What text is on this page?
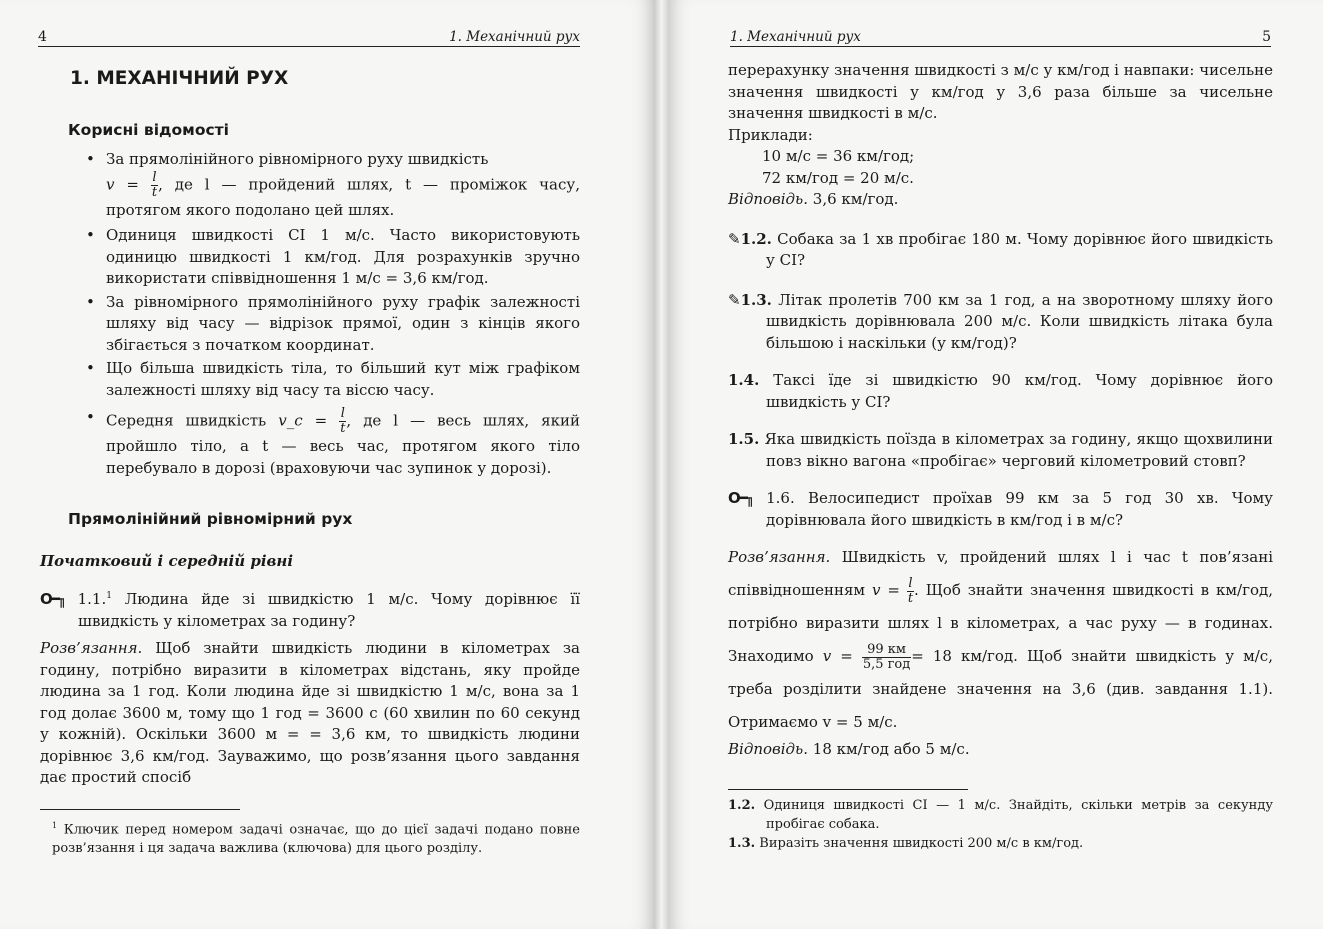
4	1. Механічний рух
1. МЕХАНІЧНИЙ РУХ
Корисні відомості
• За прямолінійного рівномірного руху швидкість
$v = \frac{l}{t}$ , де l — пройдений шлях, t — проміжок часу, протягом якого подолано цей шлях.
• Одиниця швидкості СІ 1 м/с. Часто використовують одиницю швидкості 1 км/год. Для розрахунків зручно використати співвідношення 1 м/с = 3,6 км/год.
• За рівномірного прямолінійного руху графік залежності шляху від часу — відрізок прямої, один з кінців якого збігається з початком координат.
• Що більша швидкість тіла, то більший кут між графіком залежності шляху від часу та віссю часу.
• Середня швидкість v_c = $\frac{l}{t}$ , де l — весь шлях, який пройшло тіло, а t — весь час, протягом якого тіло перебувало в дорозі (враховуючи час зупинок у дорозі).
Прямолінійний рівномірний рух

Початковий і середній рівні

О━╖ 1.1.$^1$ Людина йде зі швидкістю 1 м/с. Чому дорівнює її швидкість у кілометрах за годину?

Розв’язання. Щоб знайти швидкість людини в кілометрах за годину, потрібно виразити в кілометрах відстань, яку пройде людина за 1 год. Коли людина йде зі швидкістю 1 м/с, вона за 1 год долає 3600 м, тому що 1 год = 3600 с (60 хвилин по 60 секунд у кожній). Оскільки 3600 м = = 3,6 км, то швидкість людини дорівнює 3,6 км/год. Зауважимо, що розв’язання цього завдання дає простий спосіб

$^1$ Ключик перед номером задачі означає, що до цієї задачі подано повне розв’язання і ця задача важлива (ключова) для цього розділу.

1. Механічний рух	5

перерахунку значення швидкості з м/с у км/год і навпаки: чисельне значення швидкості у км/год у 3,6 раза більше за чисельне значення швидкості в м/с.

Приклади:

10 м/с = 36 км/год;

72 км/год = 20 м/с.

Відповідь. 3,6 км/год.

✎1.2. Собака за 1 хв пробігає 180 м. Чому дорівнює його швидкість у СІ?

✎1.3. Літак пролетів 700 км за 1 год, а на зворотному шляху його швидкість дорівнювала 200 м/с. Коли швидкість літака була більшою і наскільки (у км/год)?

1.4. Таксі їде зі швидкістю 90 км/год. Чому дорівнює його швидкість у СІ?

1.5. Яка швидкість поїзда в кілометрах за годину, якщо щохвилини повз вікно вагона «пробігає» черговий кілометровий стовп?

О━╖ 1.6. Велосипедист проїхав 99 км за 5 год 30 хв. Чому дорівнювала його швидкість в км/год і в м/с?

Розв’язання. Швидкість v, пройдений шлях l і час t пов’язані співвідношенням $v = \frac{l}{t}$ . Щоб знайти значення швидкості в км/год, потрібно виразити шлях l в кілометрах, а час руху — в годинах. Знаходимо $v = \frac{99 км}{\text{5,5 год}} = 18$ км/год. Щоб знайти швидкість у м/с, треба розділити знайдене значення на 3,6 (див. завдання 1.1). Отримаємо v = 5 м/с.

Відповідь. 18 км/год або 5 м/с.

1.2. Одиниця швидкості СІ — 1 м/с. Знайдіть, скільки метрів за секунду пробігає собака.

1.3. Виразіть значення швидкості 200 м/с в км/год.
